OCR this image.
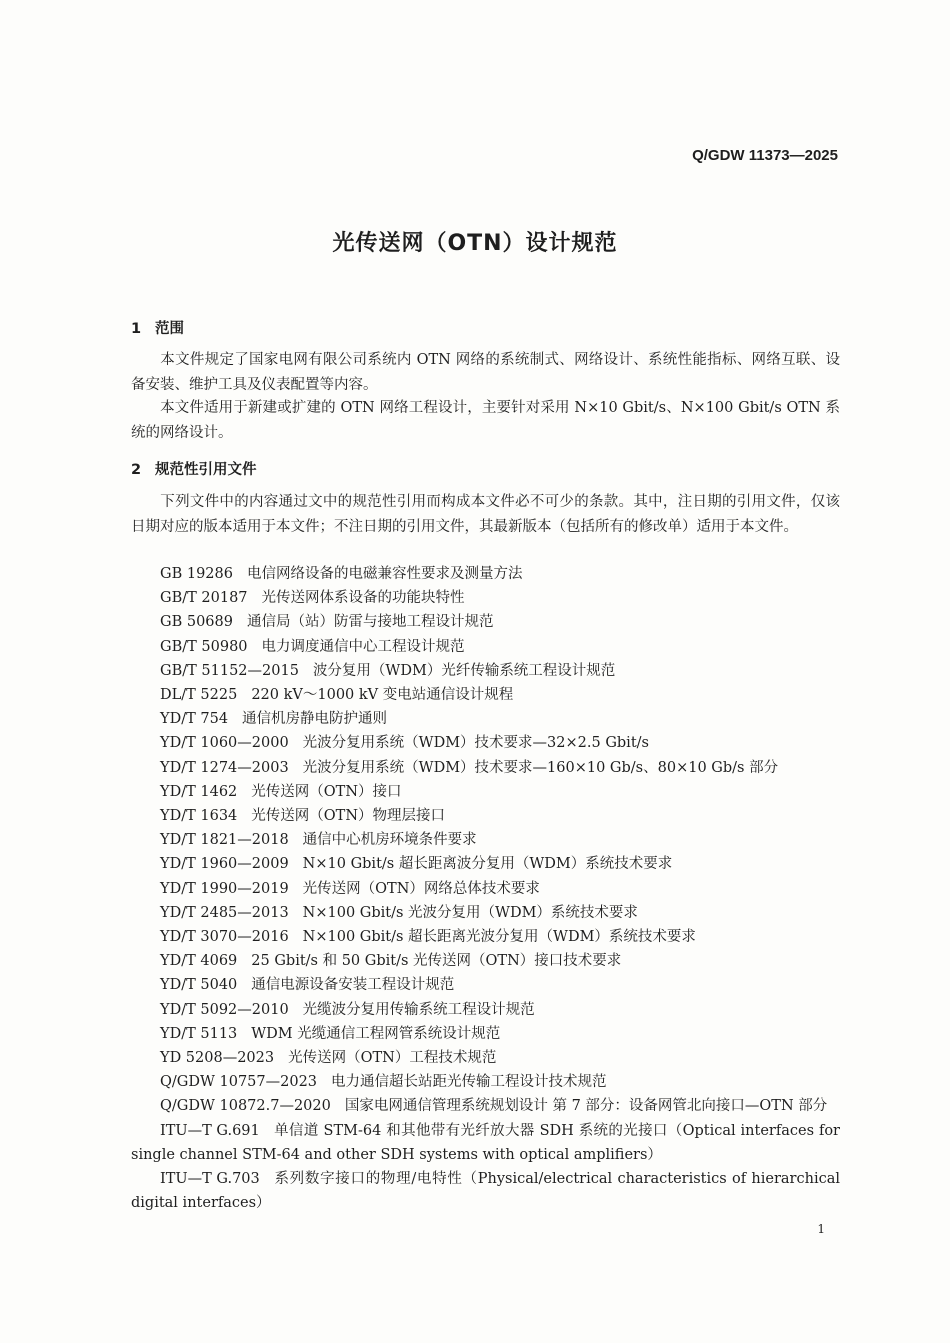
Q/GDW 11373—2025
光传送网（OTN）设计规范
1 范围
本文件规定了国家电网有限公司系统内 OTN 网络的系统制式、网络设计、系统性能指标、网络互联、设备安装、维护工具及仪表配置等内容。
本文件适用于新建或扩建的 OTN 网络工程设计，主要针对采用 N×10 Gbit/s、N×100 Gbit/s OTN 系统的网络设计。
2 规范性引用文件
下列文件中的内容通过文中的规范性引用而构成本文件必不可少的条款。其中，注日期的引用文件，仅该日期对应的版本适用于本文件；不注日期的引用文件，其最新版本（包括所有的修改单）适用于本文件。
GB 19286 电信网络设备的电磁兼容性要求及测量方法
GB/T 20187 光传送网体系设备的功能块特性
GB 50689 通信局（站）防雷与接地工程设计规范
GB/T 50980 电力调度通信中心工程设计规范
GB/T 51152—2015 波分复用（WDM）光纤传输系统工程设计规范
DL/T 5225 220 kV～1000 kV 变电站通信设计规程
YD/T 754 通信机房静电防护通则
YD/T 1060—2000 光波分复用系统（WDM）技术要求—32×2.5 Gbit/s
YD/T 1274—2003 光波分复用系统（WDM）技术要求—160×10 Gb/s、80×10 Gb/s 部分
YD/T 1462 光传送网（OTN）接口
YD/T 1634 光传送网（OTN）物理层接口
YD/T 1821—2018 通信中心机房环境条件要求
YD/T 1960—2009 N×10 Gbit/s 超长距离波分复用（WDM）系统技术要求
YD/T 1990—2019 光传送网（OTN）网络总体技术要求
YD/T 2485—2013 N×100 Gbit/s 光波分复用（WDM）系统技术要求
YD/T 3070—2016 N×100 Gbit/s 超长距离光波分复用（WDM）系统技术要求
YD/T 4069 25 Gbit/s 和 50 Gbit/s 光传送网（OTN）接口技术要求
YD/T 5040 通信电源设备安装工程设计规范
YD/T 5092—2010 光缆波分复用传输系统工程设计规范
YD/T 5113 WDM 光缆通信工程网管系统设计规范
YD 5208—2023 光传送网（OTN）工程技术规范
Q/GDW 10757—2023 电力通信超长站距光传输工程设计技术规范
Q/GDW 10872.7—2020 国家电网通信管理系统规划设计 第 7 部分：设备网管北向接口—OTN 部分
ITU—T G.691 单信道 STM-64 和其他带有光纤放大器 SDH 系统的光接口（Optical interfaces for single channel STM-64 and other SDH systems with optical amplifiers）
ITU—T G.703 系列数字接口的物理/电特性（Physical/electrical characteristics of hierarchical digital interfaces）
1
